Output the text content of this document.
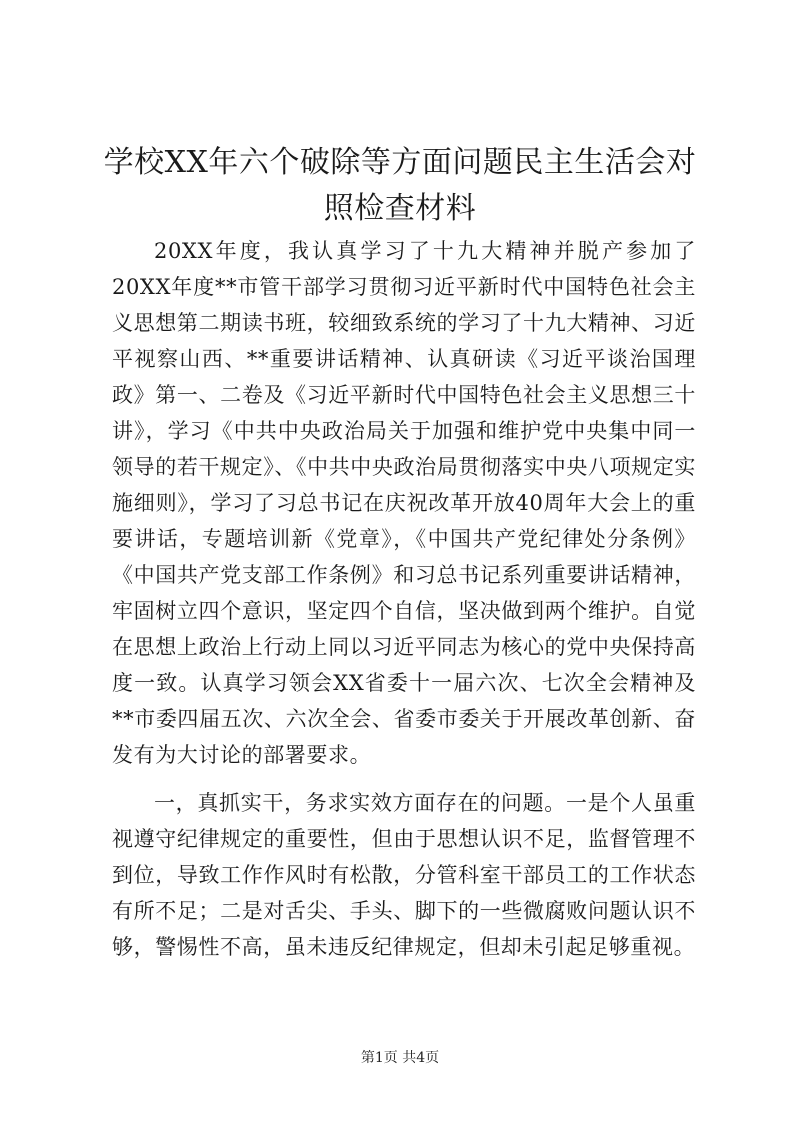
学校XX年六个破除等方面问题民主生活会对
照检查材料

20XX年度，我认真学习了十九大精神并脱产参加了20XX年度**市管干部学习贯彻习近平新时代中国特色社会主义思想第二期读书班，较细致系统的学习了十九大精神、习近平视察山西、**重要讲话精神、认真研读《习近平谈治国理政》第一、二卷及《习近平新时代中国特色社会主义思想三十讲》，学习《中共中央政治局关于加强和维护党中央集中同一领导的若干规定》、《中共中央政治局贯彻落实中央八项规定实施细则》，学习了习总书记在庆祝改革开放40周年大会上的重要讲话，专题培训新《党章》，《中国共产党纪律处分条例》《中国共产党支部工作条例》和习总书记系列重要讲话精神，牢固树立四个意识，坚定四个自信，坚决做到两个维护。自觉在思想上政治上行动上同以习近平同志为核心的党中央保持高度一致。认真学习领会XX省委十一届六次、七次全会精神及**市委四届五次、六次全会、省委市委关于开展改革创新、奋发有为大讨论的部署要求。

一，真抓实干，务求实效方面存在的问题。一是个人虽重视遵守纪律规定的重要性，但由于思想认识不足，监督管理不到位，导致工作作风时有松散，分管科室干部员工的工作状态有所不足；二是对舌尖、手头、脚下的一些微腐败问题认识不够，警惕性不高，虽未违反纪律规定，但却未引起足够重视。

第1页 共4页
